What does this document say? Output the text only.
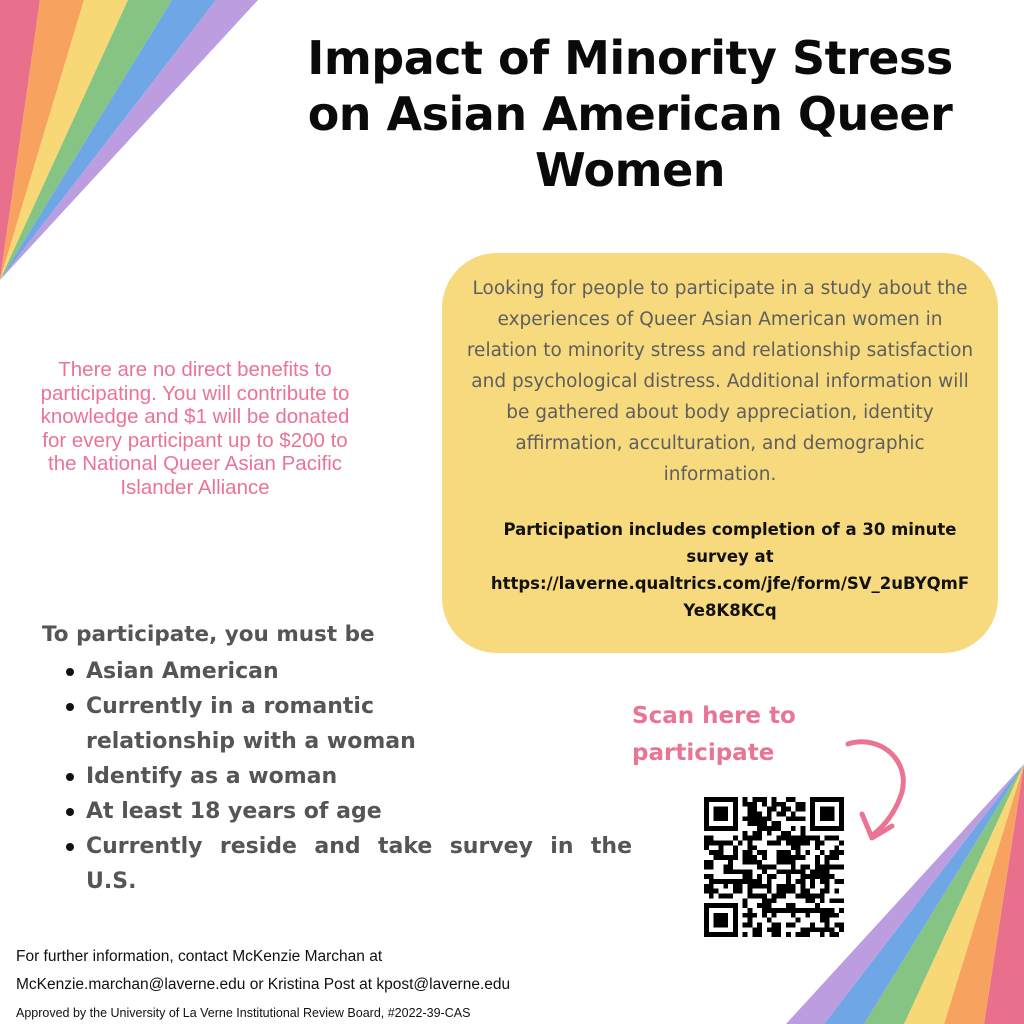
Impact of Minority Stress on Asian American Queer Women
There are no direct benefits to participating. You will contribute to knowledge and $1 will be donated for every participant up to $200 to the National Queer Asian Pacific Islander Alliance
Looking for people to participate in a study about the experiences of Queer Asian American women in relation to minority stress and relationship satisfaction and psychological distress. Additional information will be gathered about body appreciation, identity affirmation, acculturation, and demographic information.
Participation includes completion of a 30 minute survey at
https://laverne.qualtrics.com/jfe/form/SV_2uBYQmFYe8K8KCq
To participate, you must be
Asian American
Currently in a romantic relationship with a woman
Identify as a woman
At least 18 years of age
Currently reside and take survey in the U.S.
Scan here to participate
For further information, contact McKenzie Marchan at
McKenzie.marchan@laverne.edu or Kristina Post at kpost@laverne.edu
Approved by the University of La Verne Institutional Review Board, #2022-39-CAS
